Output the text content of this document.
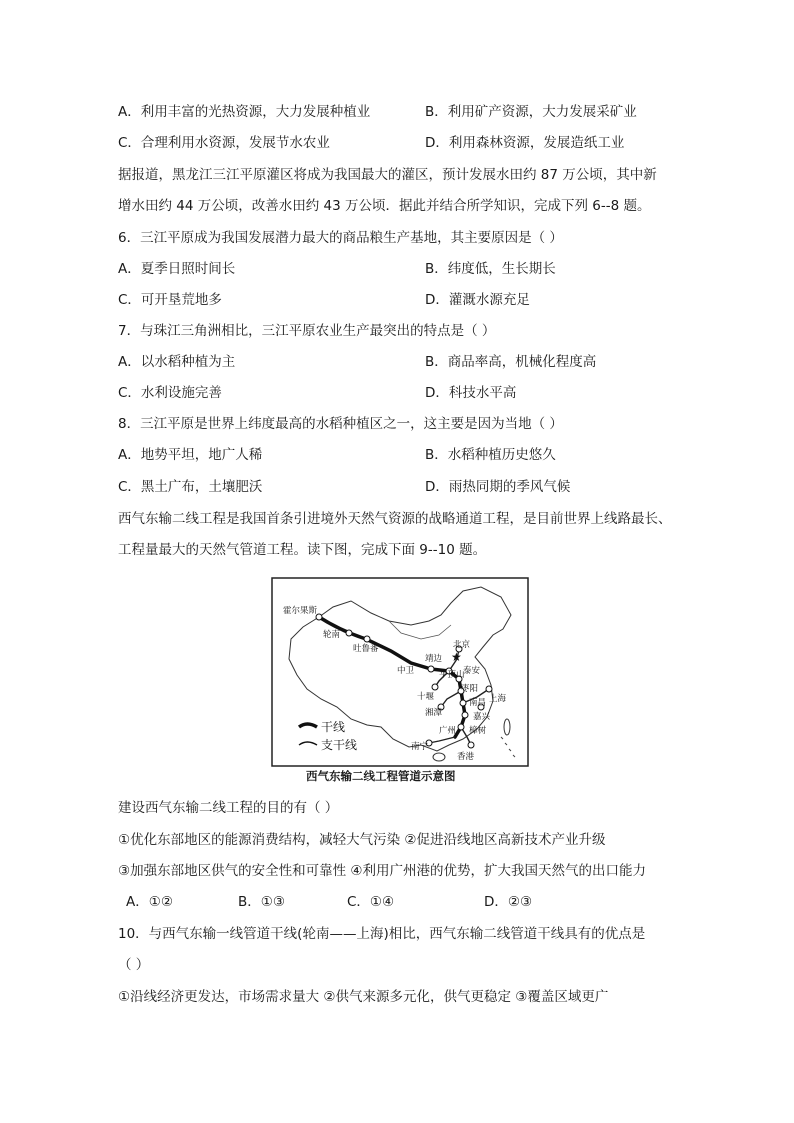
A．利用丰富的光热资源，大力发展种植业	B．利用矿产资源，大力发展采矿业
C．合理利用水资源，发展节水农业	D．利用森林资源，发展造纸工业
据报道，黑龙江三江平原灌区将成为我国最大的灌区，预计发展水田约 87 万公顷，其中新
增水田约 44 万公顷，改善水田约 43 万公顷．据此并结合所学知识，完成下列 6--8 题。
6．三江平原成为我国发展潜力最大的商品粮生产基地，其主要原因是（ ）
A．夏季日照时间长	B．纬度低，生长期长
C．可开垦荒地多	D．灌溉水源充足
7．与珠江三角洲相比，三江平原农业生产最突出的特点是（ ）
A．以水稻种植为主	B．商品率高，机械化程度高
C．水利设施完善	D．科技水平高
8．三江平原是世界上纬度最高的水稻种植区之一，这主要是因为当地（ ）
A．地势平坦，地广人稀	B．水稻种植历史悠久
C．黑土广布，土壤肥沃	D．雨热同期的季风气候
西气东输二线工程是我国首条引进境外天然气资源的战略通道工程，是目前世界上线路最长、
工程量最大的天然气管道工程。读下图，完成下面 9--10 题。
★
霍尔果斯
轮南
吐鲁番	北京
靖边
中卫	泰安
平顶山
枣阳
十堰	上海
南昌
湘潭	嘉兴
广州 樟树
南宁
香港
干线
支干线
西气东输二线工程管道示意图
建设西气东输二线工程的目的有（ ）
①优化东部地区的能源消费结构，减轻大气污染 ②促进沿线地区高新技术产业升级
③加强东部地区供气的安全性和可靠性 ④利用广州港的优势，扩大我国天然气的出口能力
A．①②	B．①③	C．①④	D．②③
10．与西气东输一线管道干线(轮南——上海)相比，西气东输二线管道干线具有的优点是
（ ）
①沿线经济更发达，市场需求量大 ②供气来源多元化，供气更稳定 ③覆盖区域更广
